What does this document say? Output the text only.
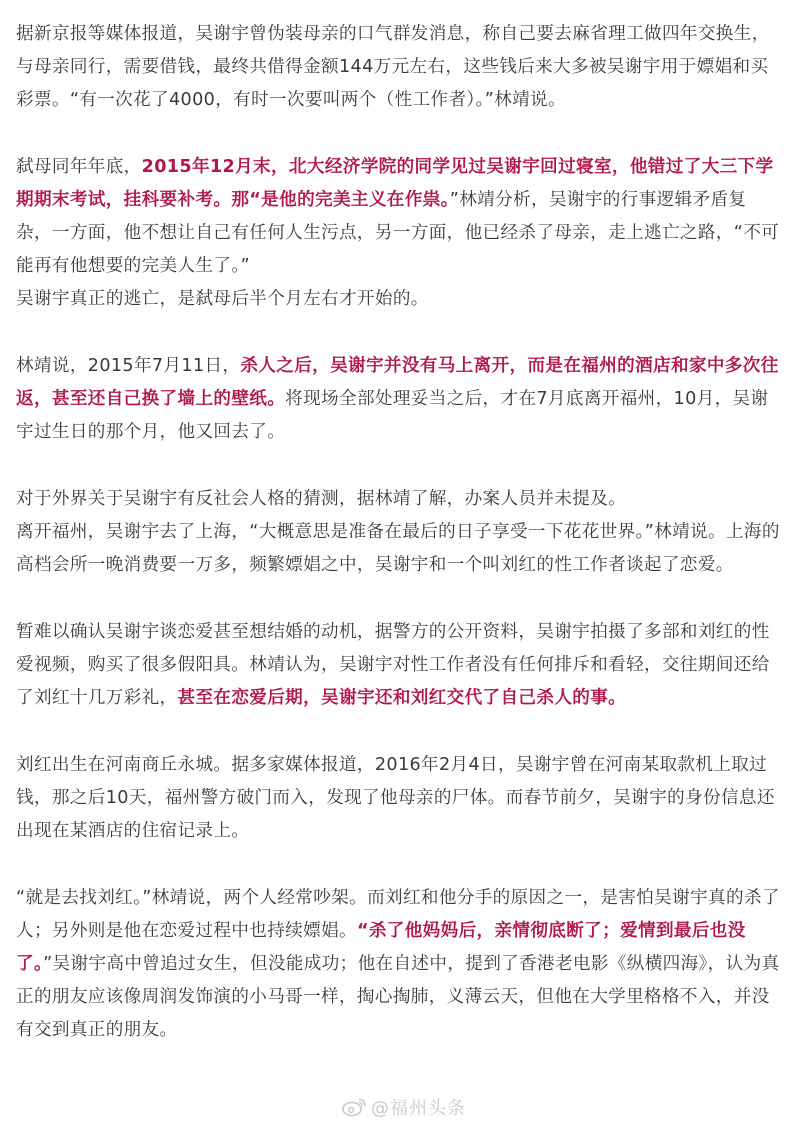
据新京报等媒体报道，吴谢宇曾伪装母亲的口气群发消息，称自己要去麻省理工做四年交换生，与母亲同行，需要借钱，最终共借得金额144万元左右，这些钱后来大多被吴谢宇用于嫖娼和买彩票。“有一次花了4000，有时一次要叫两个（性工作者）。”林靖说。

弑母同年年底，2015年12月末，北大经济学院的同学见过吴谢宇回过寝室，他错过了大三下学期期末考试，挂科要补考。那“是他的完美主义在作祟。”林靖分析，吴谢宇的行事逻辑矛盾复杂，一方面，他不想让自己有任何人生污点，另一方面，他已经杀了母亲，走上逃亡之路，“不可能再有他想要的完美人生了。”

吴谢宇真正的逃亡，是弑母后半个月左右才开始的。

林靖说，2015年7月11日，杀人之后，吴谢宇并没有马上离开，而是在福州的酒店和家中多次往返，甚至还自己换了墙上的壁纸。将现场全部处理妥当之后，才在7月底离开福州，10月，吴谢宇过生日的那个月，他又回去了。

对于外界关于吴谢宇有反社会人格的猜测，据林靖了解，办案人员并未提及。

离开福州，吴谢宇去了上海，“大概意思是准备在最后的日子享受一下花花世界。”林靖说。上海的高档会所一晚消费要一万多，频繁嫖娼之中，吴谢宇和一个叫刘红的性工作者谈起了恋爱。

暂难以确认吴谢宇谈恋爱甚至想结婚的动机，据警方的公开资料，吴谢宇拍摄了多部和刘红的性爱视频，购买了很多假阳具。林靖认为，吴谢宇对性工作者没有任何排斥和看轻，交往期间还给了刘红十几万彩礼，甚至在恋爱后期，吴谢宇还和刘红交代了自己杀人的事。

刘红出生在河南商丘永城。据多家媒体报道，2016年2月4日，吴谢宇曾在河南某取款机上取过钱，那之后10天，福州警方破门而入，发现了他母亲的尸体。而春节前夕，吴谢宇的身份信息还出现在某酒店的住宿记录上。

“就是去找刘红。”林靖说，两个人经常吵架。而刘红和他分手的原因之一，是害怕吴谢宇真的杀了人；另外则是他在恋爱过程中也持续嫖娼。“杀了他妈妈后，亲情彻底断了；爱情到最后也没了。”吴谢宇高中曾追过女生，但没能成功；他在自述中，提到了香港老电影《纵横四海》，认为真正的朋友应该像周润发饰演的小马哥一样，掏心掏肺，义薄云天，但他在大学里格格不入，并没有交到真正的朋友。

@福州头条
